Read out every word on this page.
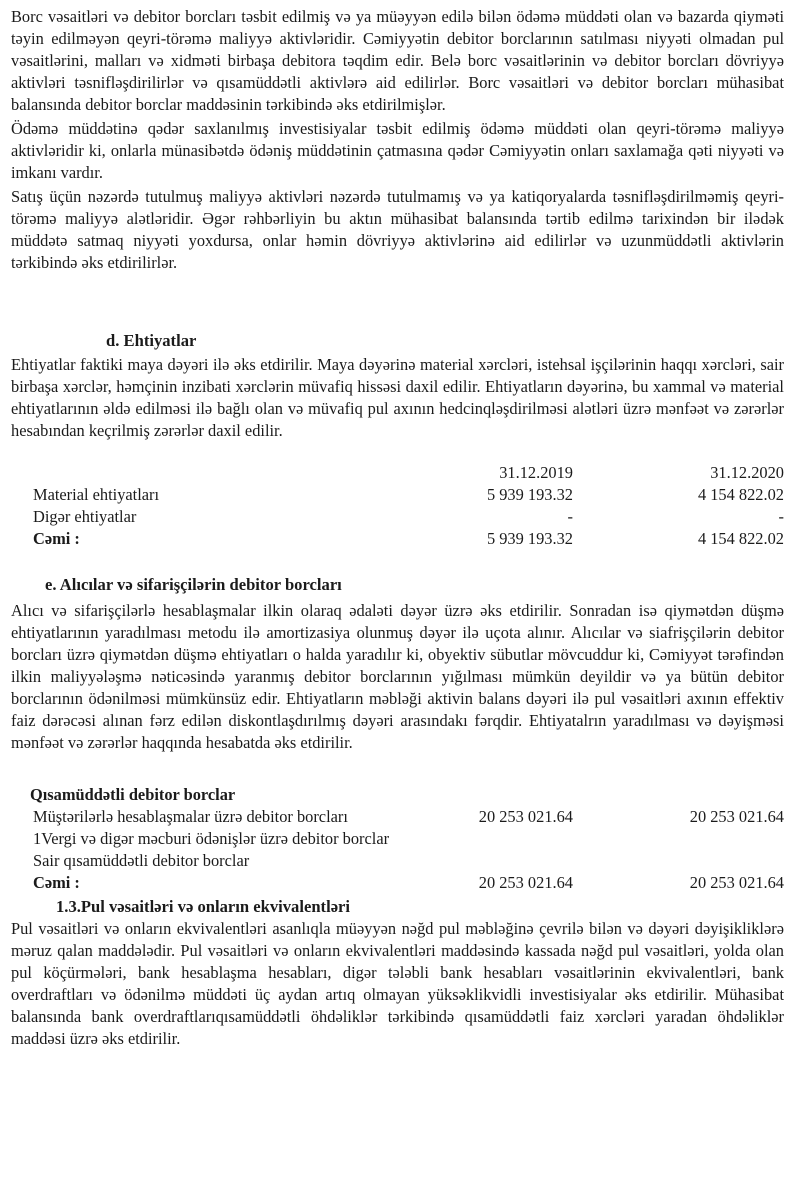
Borc vəsaitləri və debitor borcları təsbit edilmiş və ya müəyyən edilə bilən ödəmə müddəti olan və bazarda qiyməti təyin edilməyən qeyri-törəmə maliyyə aktivləridir. Cəmiyyətin debitor borclarının satılması niyyəti olmadan pul vəsaitlərini, malları və xidməti birbaşa debitora təqdim edir. Belə borc vəsaitlərinin və debitor borcları dövriyyə aktivləri təsnifləşdirilirlər və qısamüddətli aktivlərə aid edilirlər. Borc vəsaitləri və debitor borcları mühasibat balansında debitor borclar maddəsinin tərkibində əks etdirilmişlər.

Ödəmə müddətinə qədər saxlanılmış investisiyalar təsbit edilmiş ödəmə müddəti olan qeyri-törəmə maliyyə aktivləridir ki, onlarla münasibətdə ödəniş müddətinin çatmasına qədər Cəmiyyətin onları saxlamağa qəti niyyəti və imkanı vardır.

Satış üçün nəzərdə tutulmuş maliyyə aktivləri nəzərdə tutulmamış və ya katiqoryalarda təsnifləşdirilməmiş qeyri- törəmə maliyyə alətləridir. Əgər rəhbərliyin bu aktın mühasibat balansında tərtib edilmə tarixindən bir ilədək müddətə satmaq niyyəti yoxdursa, onlar həmin dövriyyə aktivlərinə aid edilirlər və uzunmüddətli aktivlərin tərkibində əks etdirilirlər.

d. Ehtiyatlar

Ehtiyatlar faktiki maya dəyəri ilə əks etdirilir. Maya dəyərinə material xərcləri, istehsal işçilərinin haqqı xərcləri, sair birbaşa xərclər, həmçinin inzibati xərclərin müvafiq hissəsi daxil edilir. Ehtiyatların dəyərinə, bu xammal və material ehtiyatlarının əldə edilməsi ilə bağlı olan və müvafiq pul axının hedcinqləşdirilməsi alətləri üzrə mənfəət və zərərlər hesabından keçrilmiş zərərlər daxil edilir.

31.12.2019	31.12.2020
Material ehtiyatları	5 939 193.32	4 154 822.02
Digər ehtiyatlar	-	-
Cəmi :	5 939 193.32	4 154 822.02
e. Alıcılar və sifarişçilərin debitor borcları

Alıcı və sifarişçilərlə hesablaşmalar ilkin olaraq ədaləti dəyər üzrə əks etdirilir. Sonradan isə qiymətdən düşmə ehtiyatlarının yaradılması metodu ilə amortizasiya olunmuş dəyər ilə uçota alınır. Alıcılar və siafrişçilərin debitor borcları üzrə qiymətdən düşmə ehtiyatları o halda yaradılır ki, obyektiv sübutlar mövcuddur ki, Cəmiyyət tərəfindən ilkin maliyyələşmə nəticəsində yaranmış debitor borclarının yığılması mümkün deyildir və ya bütün debitor borclarının ödənilməsi mümkünsüz edir. Ehtiyatların məbləği aktivin balans dəyəri ilə pul vəsaitləri axının effektiv faiz dərəcəsi alınan fərz edilən diskontlaşdırılmış dəyəri arasındakı fərqdir. Ehtiyatalrın yaradılması və dəyişməsi mənfəət və zərərlər haqqında hesabatda əks etdirilir.

Qısamüddətli debitor borclar
Müştərilərlə hesablaşmalar üzrə debitor borcları	20 253 021.64	20 253 021.64
1Vergi və digər məcburi ödənişlər üzrə debitor borclar
Sair qısamüddətli debitor borclar
Cəmi :	20 253 021.64	20 253 021.64
1.3.Pul vəsaitləri və onların ekvivalentləri

Pul vəsaitləri və onların ekvivalentləri asanlıqla müəyyən nəğd pul məbləğinə çevrilə bilən və dəyəri dəyişikliklərə məruz qalan maddələdir. Pul vəsaitləri və onların ekvivalentləri maddəsində kassada nəğd pul vəsaitləri, yolda olan pul köçürmələri, bank hesablaşma hesabları, digər tələbli bank hesabları vəsaitlərinin ekvivalentləri, bank overdraftları və ödənilmə müddəti üç aydan artıq olmayan yüksəklikvidli investisiyalar əks etdirilir. Mühasibat balansında bank overdraftlarıqısamüddətli öhdəliklər tərkibində qısamüddətli faiz xərcləri yaradan öhdəliklər maddəsi üzrə əks etdirilir.
